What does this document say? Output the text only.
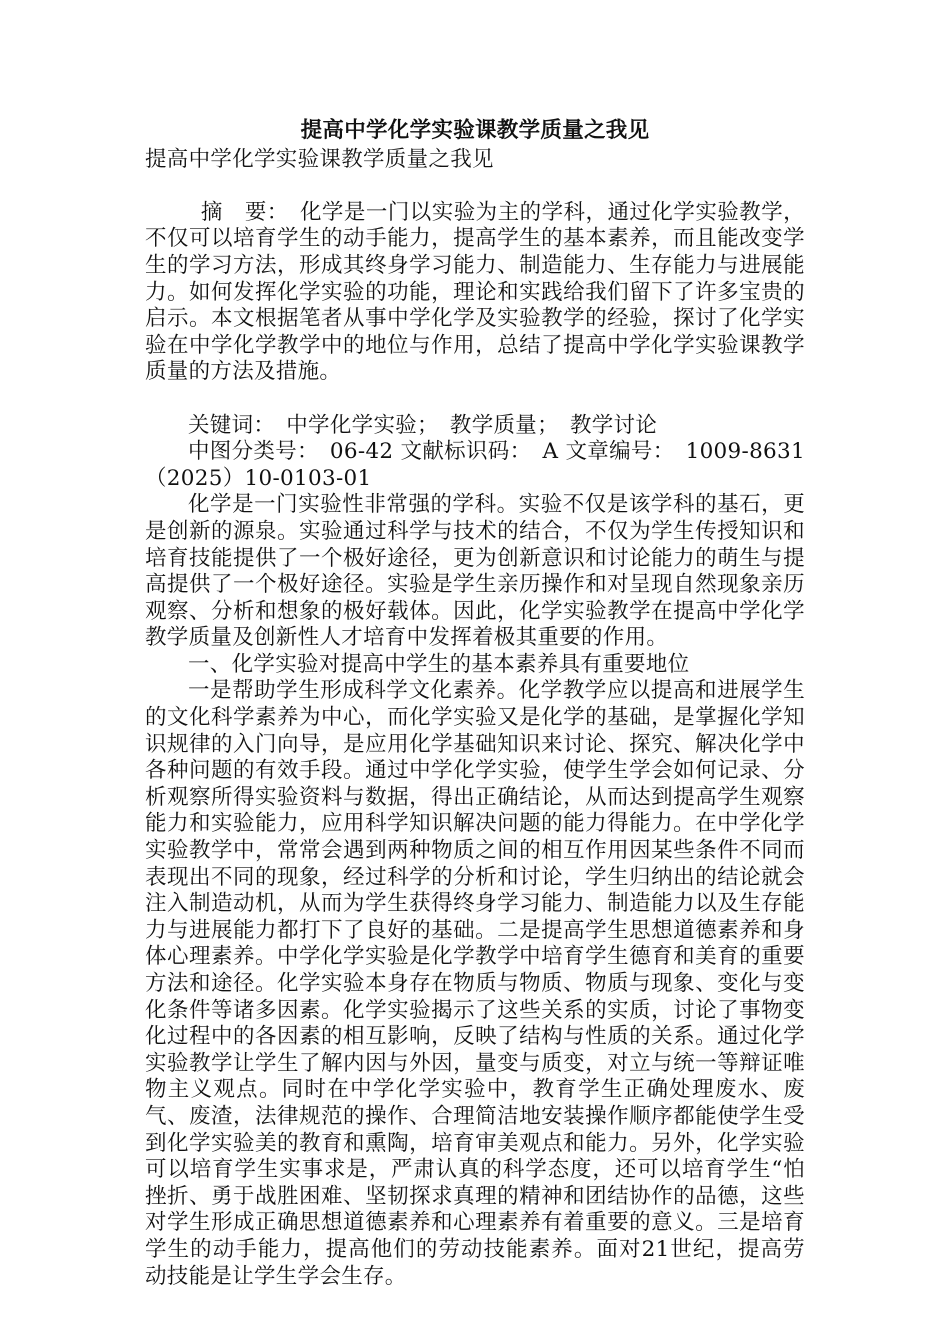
提高中学化学实验课教学质量之我见

提高中学化学实验课教学质量之我见

摘　要：　 化学是一门以实验为主的学科，通过化学实验教学，不仅可以培育学生的动手能力，提高学生的基本素养，而且能改变学生的学习方法，形成其终身学习能力、制造能力、生存能力与进展能力。如何发挥化学实验的功能，理论和实践给我们留下了许多宝贵的启示。本文根据笔者从事中学化学及实验教学的经验，探讨了化学实验在中学化学教学中的地位与作用，总结了提高中学化学实验课教学质量的方法及措施。

关键词：　中学化学实验；　教学质量；　教学讨论

中图分类号：　06-42 文献标识码：　A 文章编号：　1009-8631（2025）10-0103-01

化学是一门实验性非常强的学科。实验不仅是该学科的基石，更是创新的源泉。实验通过科学与技术的结合，不仅为学生传授知识和培育技能提供了一个极好途径，更为创新意识和讨论能力的萌生与提高提供了一个极好途径。实验是学生亲历操作和对呈现自然现象亲历观察、分析和想象的极好载体。因此，化学实验教学在提高中学化学教学质量及创新性人才培育中发挥着极其重要的作用。

一、化学实验对提高中学生的基本素养具有重要地位

一是帮助学生形成科学文化素养。化学教学应以提高和进展学生的文化科学素养为中心，而化学实验又是化学的基础，是掌握化学知识规律的入门向导，是应用化学基础知识来讨论、探究、解决化学中各种问题的有效手段。通过中学化学实验，使学生学会如何记录、分析观察所得实验资料与数据，得出正确结论，从而达到提高学生观察能力和实验能力，应用科学知识解决问题的能力得能力。在中学化学实验教学中，常常会遇到两种物质之间的相互作用因某些条件不同而表现出不同的现象，经过科学的分析和讨论，学生归纳出的结论就会注入制造动机，从而为学生获得终身学习能力、制造能力以及生存能力与进展能力都打下了良好的基础。二是提高学生思想道德素养和身体心理素养。中学化学实验是化学教学中培育学生德育和美育的重要方法和途径。化学实验本身存在物质与物质、物质与现象、变化与变化条件等诸多因素。化学实验揭示了这些关系的实质，讨论了事物变化过程中的各因素的相互影响，反映了结构与性质的关系。通过化学实验教学让学生了解内因与外因，量变与质变，对立与统一等辩证唯物主义观点。同时在中学化学实验中，教育学生正确处理废水、废气、废渣，法律规范的操作、合理简洁地安装操作顺序都能使学生受到化学实验美的教育和熏陶，培育审美观点和能力。另外，化学实验可以培育学生实事求是，严肃认真的科学态度，还可以培育学生“怕挫折、勇于战胜困难、坚韧探求真理的精神和团结协作的品德，这些对学生形成正确思想道德素养和心理素养有着重要的意义。三是培育学生的动手能力，提高他们的劳动技能素养。面对21世纪，提高劳动技能是让学生学会生存。
